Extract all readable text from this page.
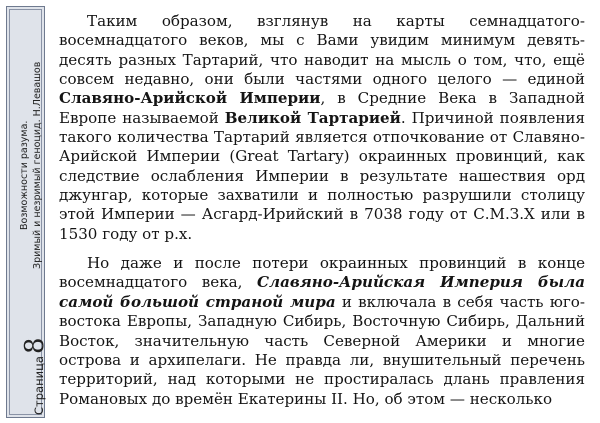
Возможности разума. Зримый и незримый геноцид. Н.Левашов
Страница8

Таким образом, взглянув на карты семнадцатого-восемнадцатого веков, мы с Вами увидим минимум девять-десять разных Тартарий, что наводит на мысль о том, что, ещё совсем недавно, они были частями одного целого — единой Славяно-Арийской Империи, в Средние Века в Западной Европе называемой Великой Тартарией. Причиной появления такого количества Тартарий является отпочкование от Славяно-Арийской Империи (Great Tartary) окраинных провинций, как следствие ослабления Империи в результате нашествия орд джунгар, которые захватили и полностью разрушили столицу этой Империи — Асгард-Ирийский в 7038 году от С.М.З.Х или в 1530 году от р.х.

Но даже и после потери окраинных провинций в конце восемнадцатого века, Славяно-Арийская Империя была самой большой страной мира и включала в себя часть юго-востока Европы, Западную Сибирь, Восточную Сибирь, Дальний Восток, значительную часть Северной Америки и многие острова и архипелаги. Не правда ли, внушительный перечень территорий, над которыми не простиралась длань правления Романовых до времён Екатерины II. Но, об этом — несколько
